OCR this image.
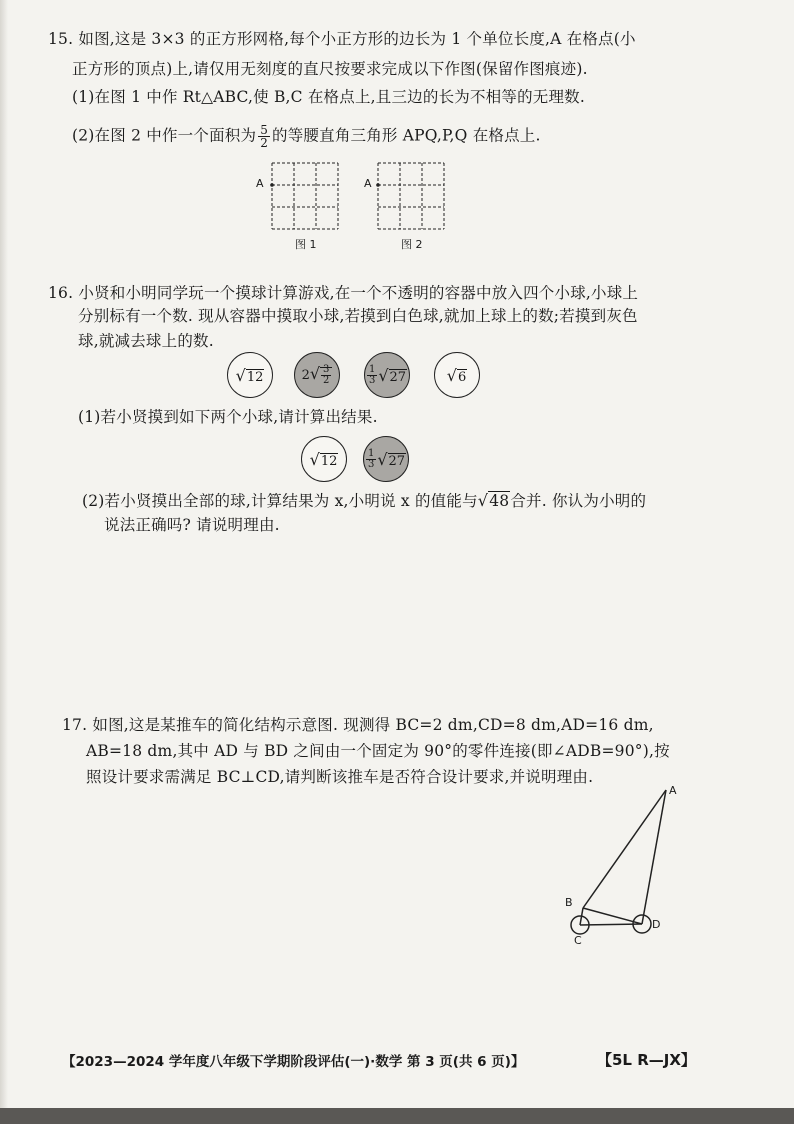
15. 如图,这是 3×3 的正方形网格,每个小正方形的边长为 1 个单位长度,A 在格点(小
正方形的顶点)上,请仅用无刻度的直尺按要求完成以下作图(保留作图痕迹).
(1)在图 1 中作 Rt△ABC,使 B,C 在格点上,且三边的长为不相等的无理数.
(2)在图 2 中作一个面积为 $\frac{5}{2}$ 的等腰直角三角形 APQ,P,Q 在格点上.
A
图 1
A
图 2
16. 小贤和小明同学玩一个摸球计算游戏,在一个不透明的容器中放入四个小球,小球上
分别标有一个数. 现从容器中摸取小球,若摸到白色球,就加上球上的数;若摸到灰色
球,就减去球上的数.
√12	2 √ $\frac{3}{2}$	$\frac{1}{3} √27$	√6
(1)若小贤摸到如下两个小球,请计算出结果.
√12	$\frac{1}{3} √27$
(2)若小贤摸出全部的球,计算结果为 x,小明说 x 的值能与√48合并. 你认为小明的
说法正确吗? 请说明理由.
17. 如图,这是某推车的简化结构示意图. 现测得 BC=2 dm,CD=8 dm,AD=16 dm,
AB=18 dm,其中 AD 与 BD 之间由一个固定为 90°的零件连接(即∠ADB=90°),按
照设计要求需满足 BC⊥CD,请判断该推车是否符合设计要求,并说明理由.
A
B
C
D
【2023—2024 学年度八年级下学期阶段评估(一)·数学 第 3 页(共 6 页)】	【5L R—JX】
